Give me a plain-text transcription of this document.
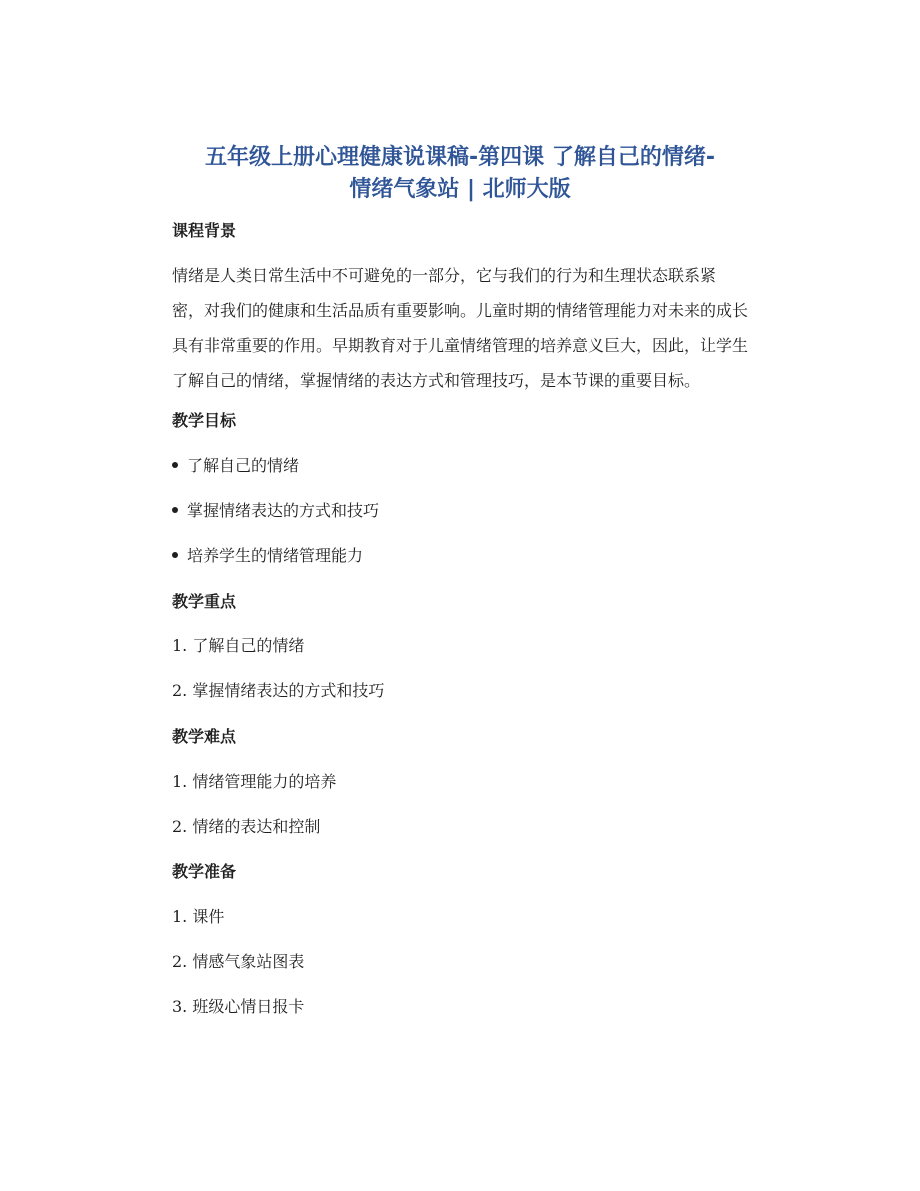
五年级上册心理健康说课稿-第四课 了解自己的情绪-
情绪气象站 | 北师大版
课程背景

情绪是人类日常生活中不可避免的一部分，它与我们的行为和生理状态联系紧
密，对我们的健康和生活品质有重要影响。儿童时期的情绪管理能力对未来的成长
具有非常重要的作用。早期教育对于儿童情绪管理的培养意义巨大，因此，让学生
了解自己的情绪，掌握情绪的表达方式和管理技巧，是本节课的重要目标。

教学目标

了解自己的情绪

掌握情绪表达的方式和技巧

培养学生的情绪管理能力

教学重点

1. 了解自己的情绪

2. 掌握情绪表达的方式和技巧

教学难点

1. 情绪管理能力的培养

2. 情绪的表达和控制

教学准备

1. 课件

2. 情感气象站图表

3. 班级心情日报卡
